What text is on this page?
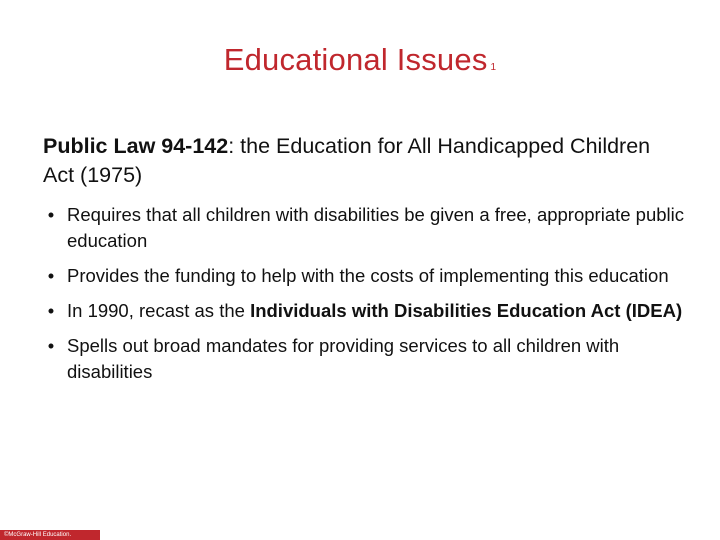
Educational Issues 1
Public Law 94-142: the Education for All Handicapped Children Act (1975)
• Requires that all children with disabilities be given a free, appropriate public education
• Provides the funding to help with the costs of implementing this education
• In 1990, recast as the Individuals with Disabilities Education Act (IDEA)
• Spells out broad mandates for providing services to all children with disabilities
©McGraw-Hill Education.
